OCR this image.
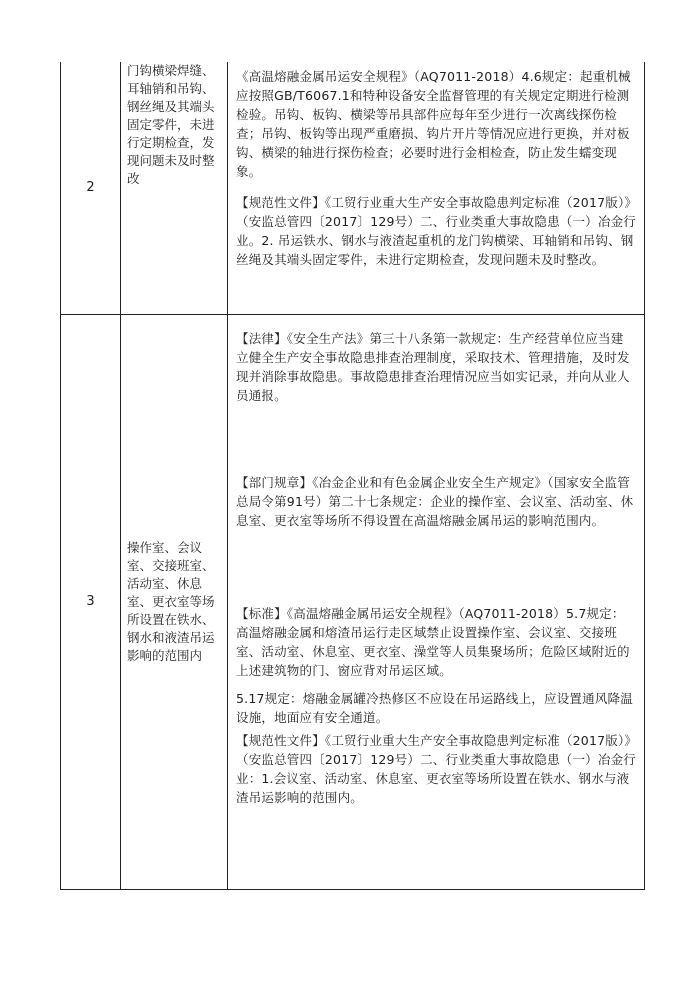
2	门钩横梁焊缝、耳轴销和吊钩、钢丝绳及其端头固定零件，未进行定期检查，发现问题未及时整改	《高温熔融金属吊运安全规程》（AQ7011-2018）4.6规定：起重机械应按照GB/T6067.1和特种设备安全监督管理的有关规定定期进行检测检验。吊钩、板钩、横梁等吊具部件应每年至少进行一次离线探伤检查；吊钩、板钩等出现严重磨损、钩片开片等情况应进行更换，并对板钩、横梁的轴进行探伤检查；必要时进行金相检查，防止发生蠕变现象。

【规范性文件】《工贸行业重大生产安全事故隐患判定标准（2017版）》（安监总管四〔2017〕129号）二、行业类重大事故隐患（一）冶金行业。2. 吊运铁水、钢水与液渣起重机的龙门钩横梁、耳轴销和吊钩、钢丝绳及其端头固定零件，未进行定期检查，发现问题未及时整改。

3	操作室、会议室、交接班室、活动室、休息室、更衣室等场所设置在铁水、钢水和液渣吊运影响的范围内	【法律】《安全生产法》第三十八条第一款规定：生产经营单位应当建立健全生产安全事故隐患排查治理制度，采取技术、管理措施，及时发现并消除事故隐患。事故隐患排查治理情况应当如实记录，并向从业人员通报。

【部门规章】《冶金企业和有色金属企业安全生产规定》（国家安全监管总局令第91号）第二十七条规定：企业的操作室、会议室、活动室、休息室、更衣室等场所不得设置在高温熔融金属吊运的影响范围内。

【标准】《高温熔融金属吊运安全规程》（AQ7011-2018）5.7规定：高温熔融金属和熔渣吊运行走区域禁止设置操作室、会议室、交接班室、活动室、休息室、更衣室、澡堂等人员集聚场所；危险区域附近的上述建筑物的门、窗应背对吊运区域。

5.17规定：熔融金属罐冷热修区不应设在吊运路线上，应设置通风降温设施，地面应有安全通道。

【规范性文件】《工贸行业重大生产安全事故隐患判定标准（2017版）》（安监总管四〔2017〕129号）二、行业类重大事故隐患（一）冶金行业：1.会议室、活动室、休息室、更衣室等场所设置在铁水、钢水与液渣吊运影响的范围内。
